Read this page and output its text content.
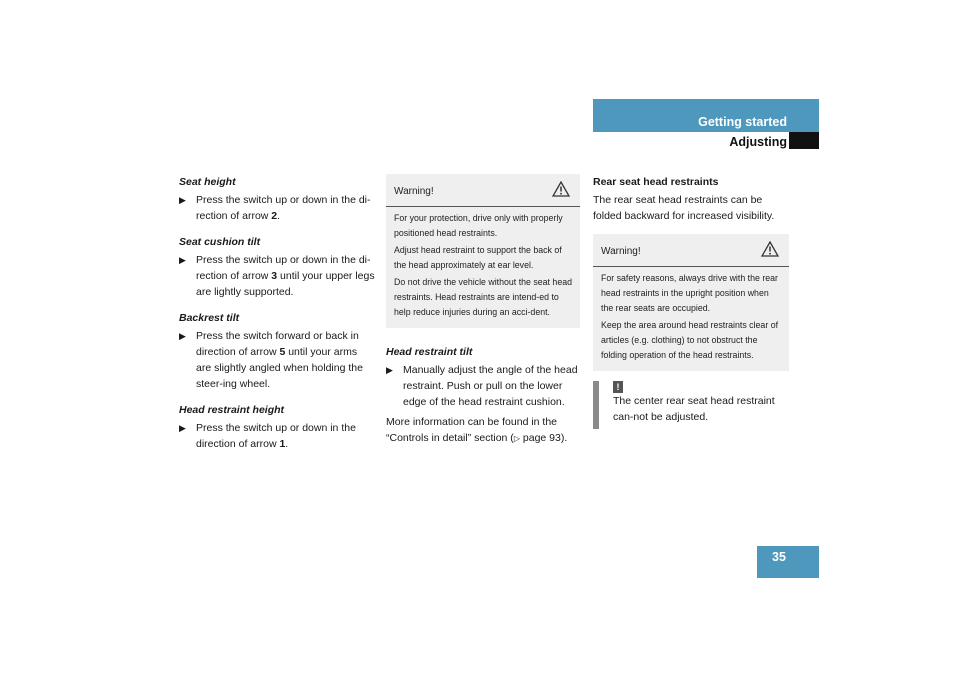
Getting started
Adjusting

Seat height

▶ Press the switch up or down in the di-rection of arrow 2.

Seat cushion tilt

▶ Press the switch up or down in the di-rection of arrow 3 until your upper legs are lightly supported.

Backrest tilt

▶ Press the switch forward or back in direction of arrow 5 until your arms are slightly angled when holding the steer-ing wheel.

Head restraint height

▶ Press the switch up or down in the direction of arrow 1.
Warning!

For your protection, drive only with properly positioned head restraints.

Adjust head restraint to support the back of the head approximately at ear level.

Do not drive the vehicle without the seat head restraints. Head restraints are intend-ed to help reduce injuries during an acci-dent.

Head restraint tilt

▶ Manually adjust the angle of the head restraint. Push or pull on the lower edge of the head restraint cushion.

More information can be found in the “Controls in detail” section (▷ page 93).

Rear seat head restraints

The rear seat head restraints can be folded backward for increased visibility.

Warning!

For safety reasons, always drive with the rear head restraints in the upright position when the rear seats are occupied.

Keep the area around head restraints clear of articles (e.g. clothing) to not obstruct the folding operation of the head restraints.

!
The center rear seat head restraint can-not be adjusted.
35
